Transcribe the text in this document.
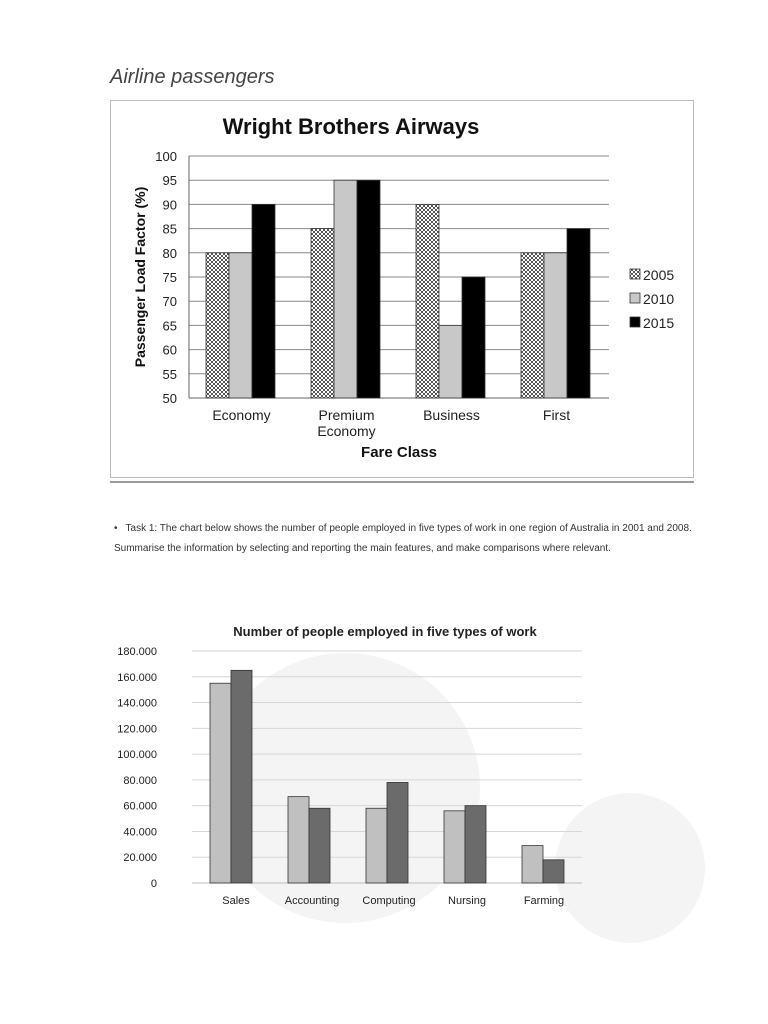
Airline passengers
Wright Brothers Airways
50
55
60
65
70
75
80
85
90
95
100
Economy	Premium
Economy
Business	First
Fare Class
Passenger Load Factor (%)	2005
2010
2015
• Task 1: The chart below shows the number of people employed in five types of work in one region of Australia in 2001 and 2008. Summarise the information by selecting and reporting the main features, and make comparisons where relevant.
Number of people employed in five types of work
0
20.000
40.000
60.000
80.000
100.000
120.000
140.000
160.000
180.000
Sales	Accounting Computing	Nursing	Farming
